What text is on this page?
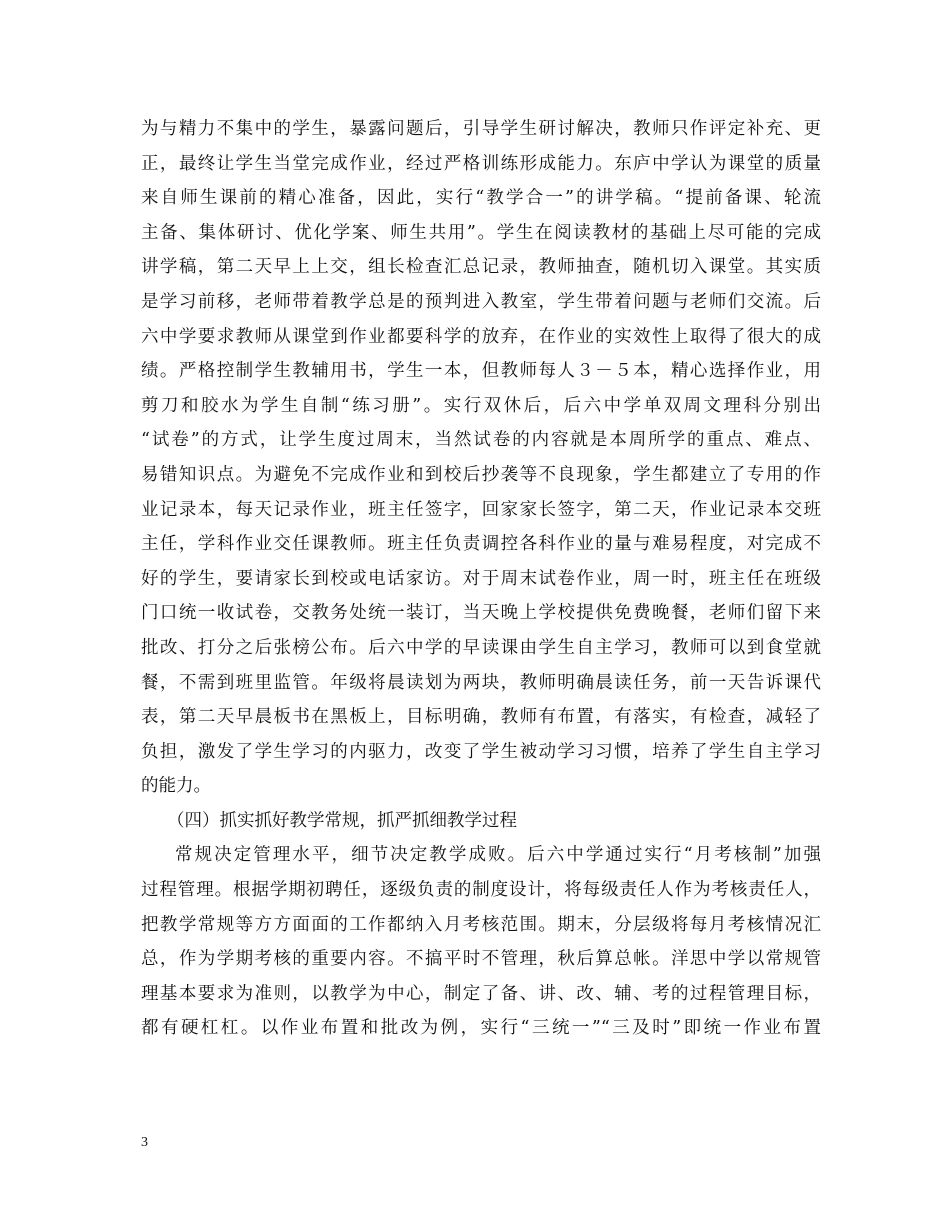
为与精力不集中的学生，暴露问题后，引导学生研讨解决，教师只作评定补充、更
正，最终让学生当堂完成作业，经过严格训练形成能力。东庐中学认为课堂的质量
来自师生课前的精心准备，因此，实行“教学合一”的讲学稿。“提前备课、轮流
主备、集体研讨、优化学案、师生共用”。学生在阅读教材的基础上尽可能的完成
讲学稿，第二天早上上交，组长检查汇总记录，教师抽查，随机切入课堂。其实质
是学习前移，老师带着教学总是的预判进入教室，学生带着问题与老师们交流。后
六中学要求教师从课堂到作业都要科学的放弃，在作业的实效性上取得了很大的成
绩。严格控制学生教辅用书，学生一本，但教师每人３－５本，精心选择作业，用
剪刀和胶水为学生自制“练习册”。实行双休后，后六中学单双周文理科分别出
“试卷”的方式，让学生度过周末，当然试卷的内容就是本周所学的重点、难点、
易错知识点。为避免不完成作业和到校后抄袭等不良现象，学生都建立了专用的作
业记录本，每天记录作业，班主任签字，回家家长签字，第二天，作业记录本交班
主任，学科作业交任课教师。班主任负责调控各科作业的量与难易程度，对完成不
好的学生，要请家长到校或电话家访。对于周末试卷作业，周一时，班主任在班级
门口统一收试卷，交教务处统一装订，当天晚上学校提供免费晚餐，老师们留下来
批改、打分之后张榜公布。后六中学的早读课由学生自主学习，教师可以到食堂就
餐，不需到班里监管。年级将晨读划为两块，教师明确晨读任务，前一天告诉课代
表，第二天早晨板书在黑板上，目标明确，教师有布置，有落实，有检查，减轻了
负担，激发了学生学习的内驱力，改变了学生被动学习习惯，培养了学生自主学习
的能力。
（四）抓实抓好教学常规，抓严抓细教学过程
常规决定管理水平，细节决定教学成败。后六中学通过实行“月考核制”加强
过程管理。根据学期初聘任，逐级负责的制度设计，将每级责任人作为考核责任人，
把教学常规等方方面面的工作都纳入月考核范围。期末，分层级将每月考核情况汇
总，作为学期考核的重要内容。不搞平时不管理，秋后算总帐。洋思中学以常规管
理基本要求为准则，以教学为中心，制定了备、讲、改、辅、考的过程管理目标，
都有硬杠杠。以作业布置和批改为例，实行“三统一”“三及时”即统一作业布置
3
